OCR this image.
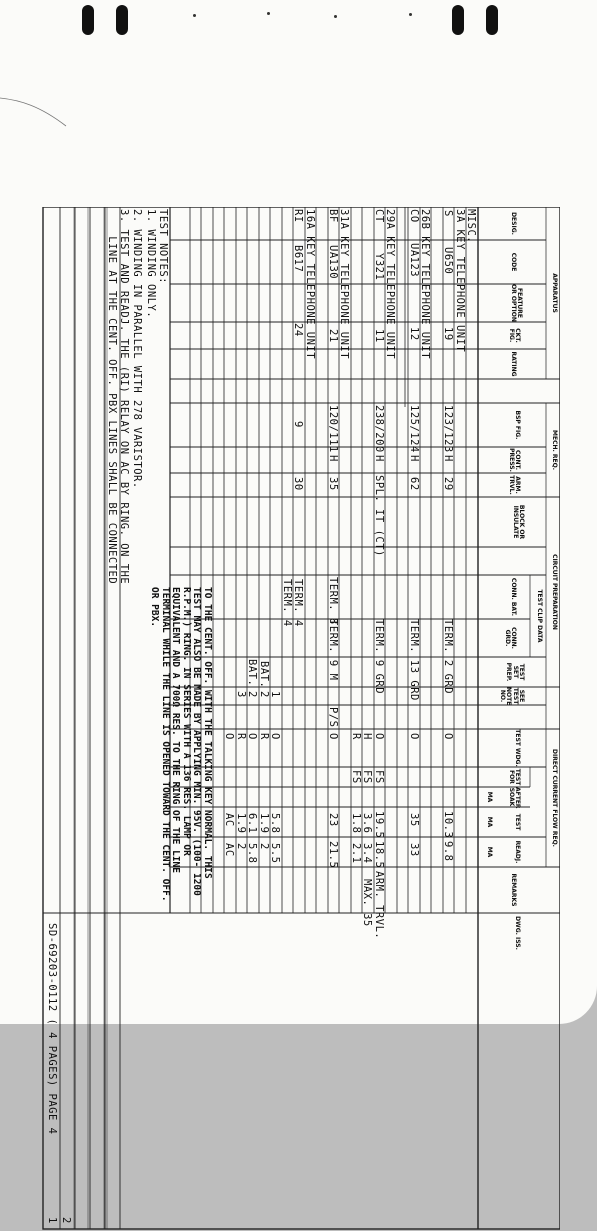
APPARATUS
DESIG.
CODE
FEATURE OR OPTION
CKT. FIG.
RATING
MECH. REQ.
BSP FIG.
CONT. PRESS.
ARM. TRVL.
CIRCUIT PREPARATION
BLOCK OR INSULATE
TEST CLIP DATA
CONN. BAT.
CONN. GRD.
TEST SET PREP.
SEE TEST NOTE NO.
DIRECT CURRENT FLOW REQ.
TEST WDG.
TEST FOR
AFTER SOAK
TEST
READJ.
MA
MA
MA
REMARKS
DWG. ISS.
MISC.
3A KEY TELEPHONE UNIT
S
U650
19
123/123
H
29
TERM. 2 GRD
O
10.3
9.8
26B KEY TELEPHONE UNIT
CO
UA123
12
125/124
H
62
TERM. 13 GRD
O
35
33
29A KEY TELEPHONE UNIT
CT
Y321
11
238/200
H
SPL. IT (CT)
TERM. 9 GRD
O
FS
19.5
18.5
ARM. TRVL.
H
FS
3.6
3.4
MAX. 35
R
FS
1.8
2.1
31A KEY TELEPHONE UNIT
BF
UA130
21
120/111
H
35
TERM. 8
TERM. 9 M
P/S
O
23
21.5
16A KEY TELEPHONE UNIT
RI
B617
24
9
30
TERM. 4
TERM. 4
1
O
5.8
5.5
BAT.
2
R
1.9
2
BAT.
2
O
6.1
5.8
3
R
1.9
2
O
AC
AC
TO THE CENT. OFF. WITH THE TALKING KEY NORMAL. THIS TEST MAY ALSO BE MADE BY APPLYING MIN. 95V. (100- 1200 R.P.M.) RING. IN SERIES WITH A 136 RES. LAMP OR EQUIVALENT AND A 700Ω RES. TO THE RING OF THE LINE TERMINAL WHILE THE LINE IS OPENED TOWARD THE CENT. OFF. OR PBX.
TEST NOTES:
1. WINDING ONLY.
2. WINDING IN PARALLEL WITH 278 VARISTOR.
3. TEST AND READJ. THE (RI) RELAY ON AC BY RING. ON THE
LINE AT THE CENT. OFF. PBX LINES SHALL BE CONNECTED
SD-69203-0112 ( 4 PAGES) PAGE 4
1 2
